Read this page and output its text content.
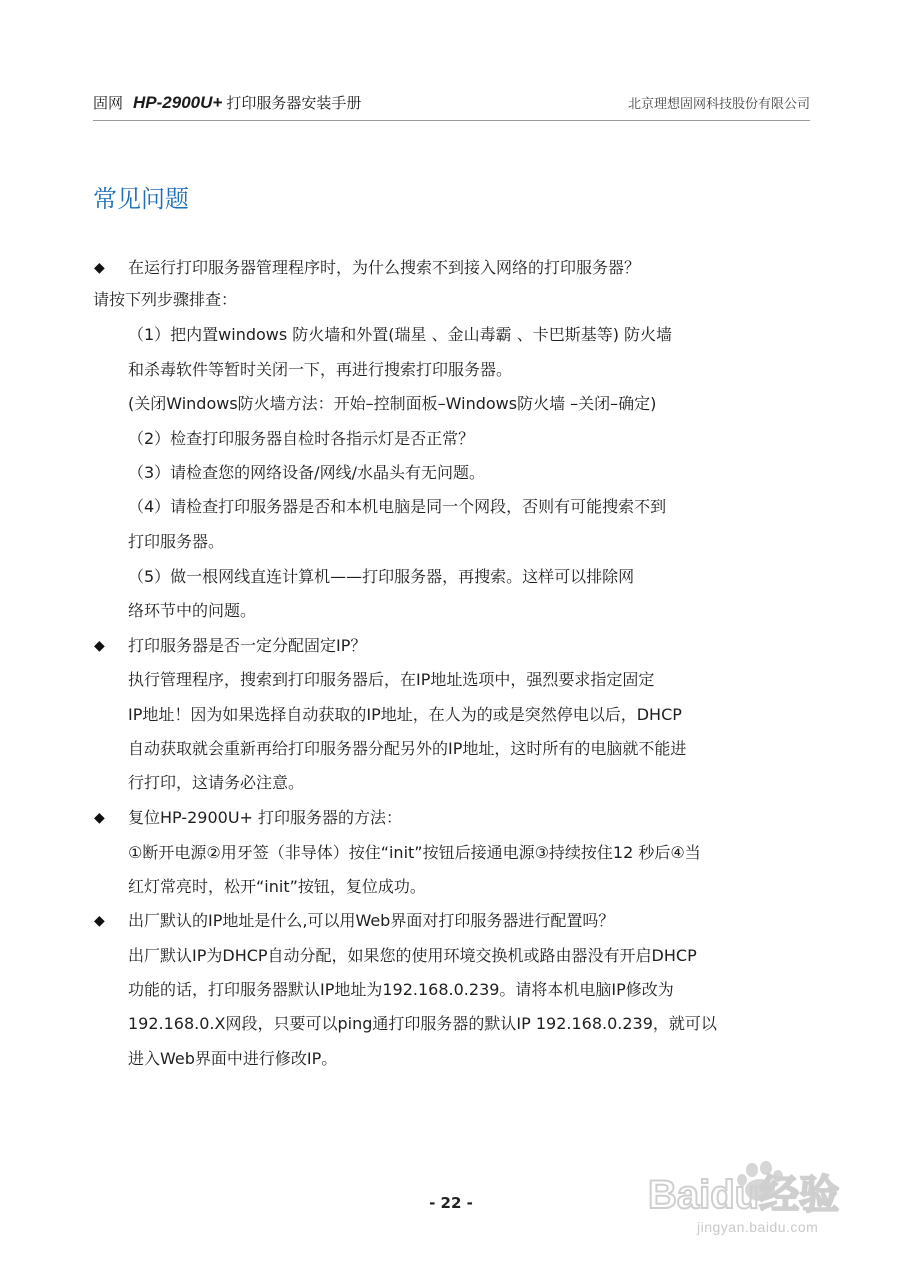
固网 HP-2900U+ 打印服务器安装手册	北京理想固网科技股份有限公司
常见问题
◆ 在运行打印服务器管理程序时，为什么搜索不到接入网络的打印服务器？
请按下列步骤排查：
（1）把内置windows 防火墙和外置(瑞星 、金山毒霸 、卡巴斯基等) 防火墙
和杀毒软件等暂时关闭一下，再进行搜索打印服务器。
(关闭Windows防火墙方法：开始–控制面板–Windows防火墙 –关闭–确定)
（2）检查打印服务器自检时各指示灯是否正常？
（3）请检查您的网络设备/网线/水晶头有无问题。
（4）请检查打印服务器是否和本机电脑是同一个网段，否则有可能搜索不到
打印服务器。
（5）做一根网线直连计算机——打印服务器，再搜索。这样可以排除网
络环节中的问题。
◆ 打印服务器是否一定分配固定IP？
执行管理程序，搜索到打印服务器后，在IP地址选项中，强烈要求指定固定
IP地址！因为如果选择自动获取的IP地址，在人为的或是突然停电以后，DHCP
自动获取就会重新再给打印服务器分配另外的IP地址，这时所有的电脑就不能进
行打印，这请务必注意。
◆ 复位HP-2900U+ 打印服务器的方法：
①断开电源②用牙签（非导体）按住“init”按钮后接通电源③持续按住12 秒后④当
红灯常亮时，松开“init”按钮，复位成功。
◆ 出厂默认的IP地址是什么,可以用Web界面对打印服务器进行配置吗？
出厂默认IP为DHCP自动分配，如果您的使用环境交换机或路由器没有开启DHCP
功能的话，打印服务器默认IP地址为192.168.0.239。请将本机电脑IP修改为
192.168.0.X网段，只要可以ping通打印服务器的默认IP 192.168.0.239，就可以
进入Web界面中进行修改IP。
- 22 -	Baidu经验
jingyan.baidu.com
